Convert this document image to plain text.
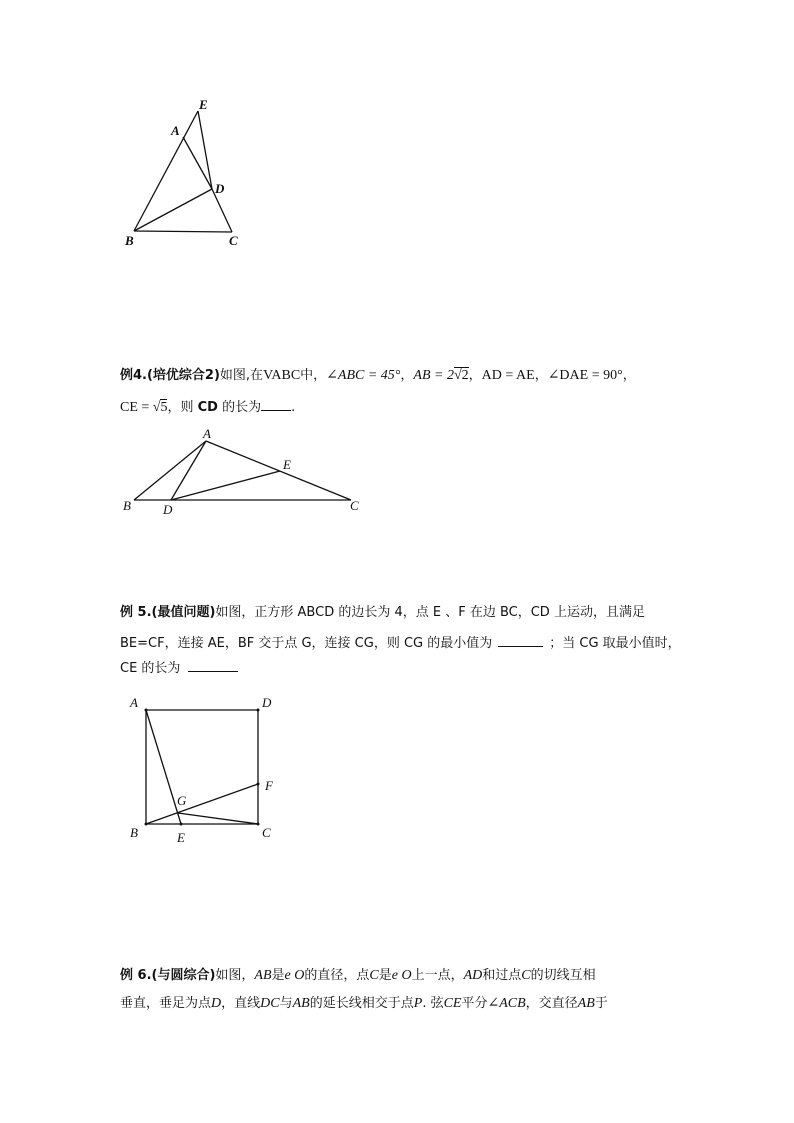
E
A
D
B	C
例4.(培优综合2)如图,在VABC中，∠ABC = 45°，AB = 2√2，AD = AE，∠DAE = 90°，
CE = √5，则 CD 的长为 .
A
E
B D	C
例 5.(最值问题)如图，正方形 ABCD 的边长为 4，点 E 、F 在边 BC，CD 上运动，且满足
BE=CF，连接 AE，BF 交于点 G，连接 CG，则 CG 的最小值为	；当 CG 取最小值时，
CE 的长为
A	D
F
G
B	E	C
例 6.(与圆综合)如图，AB是e O的直径，点C是e O上一点，AD和过点C的切线互相
垂直，垂足为点D，直线DC与AB的延长线相交于点P. 弦CE平分∠ACB，交直径AB于
